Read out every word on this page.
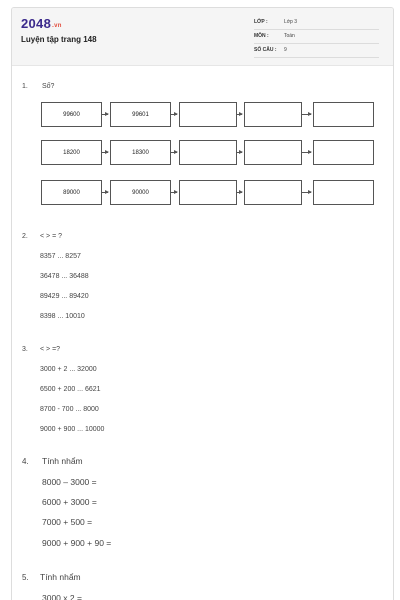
2048.vn
Luyện tập trang 148
LỚP :	Lớp 3
MÔN :	Toán
SỐ CÂU : 9
1. Số?
99600	99601
18200	18300
89000	90000
2. < > = ?
8357 ... 8257
36478 ... 36488
89429 ... 89420
8398 ... 10010
3. < > =?
3000 + 2 ... 32000
6500 + 200 ... 6621
8700 - 700 ... 8000
9000 + 900 ... 10000
4. Tính nhẩm
8000 – 3000 =
6000 + 3000 =
7000 + 500 =
9000 + 900 + 90 =
5. Tính nhẩm
3000 x 2 =
